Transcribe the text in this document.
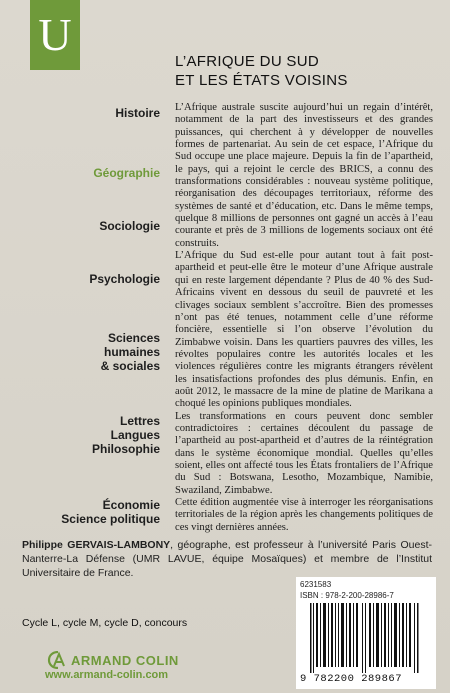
U
L’AFRIQUE DU SUD
ET LES ÉTATS VOISINS
Histoire
Géographie
Sociologie
Psychologie
Sciences
humaines
& sociales
Lettres
Langues
Philosophie
Économie
Science politique

L’Afrique australe suscite aujourd’hui un regain d’intérêt, notamment de la part des investisseurs et des grandes puissances, qui cherchent à y développer de nouvelles formes de partenariat. Au sein de cet espace, l’Afrique du Sud occupe une place majeure. Depuis la fin de l’apartheid, le pays, qui a rejoint le cercle des BRICS, a connu des transformations considérables : nouveau système politique, réorganisation des découpages territoriaux, réforme des systèmes de santé et d’éducation, etc. Dans le même temps, quelque 8 millions de personnes ont gagné un accès à l’eau courante et près de 3 millions de logements sociaux ont été construits.

L’Afrique du Sud est-elle pour autant tout à fait post-apartheid et peut-elle être le moteur d’une Afrique australe qui en reste largement dépendante ? Plus de 40 % des Sud-Africains vivent en dessous du seuil de pauvreté et les clivages sociaux semblent s’accroître. Bien des promesses n’ont pas été tenues, notamment celle d’une réforme foncière, essentielle si l’on observe l’évolution du Zimbabwe voisin. Dans les quartiers pauvres des villes, les révoltes populaires contre les autorités locales et les violences régulières contre les migrants étrangers révèlent les insatisfactions profondes des plus démunis. Enfin, en août 2012, le massacre de la mine de platine de Marikana a choqué les opinions publiques mondiales.

Les transformations en cours peuvent donc sembler contradictoires : certaines découlent du passage de l’apartheid au post-apartheid et d’autres de la réintégration dans le système économique mondial. Quelles qu’elles soient, elles ont affecté tous les États frontaliers de l’Afrique du Sud : Botswana, Lesotho, Mozambique, Namibie, Swaziland, Zimbabwe.

Cette édition augmentée vise à interroger les réorganisations territoriales de la région après les changements politiques de ces vingt dernières années.

Philippe GERVAIS-LAMBONY, géographe, est professeur à l’université Paris Ouest-Nanterre-La Défense (UMR LAVUE, équipe Mosaïques) et membre de l’Institut Universitaire de France.
6231583
ISBN : 978-2-200-28986-7
9 782200 289867
Cycle L, cycle M, cycle D, concours
ARMAND COLIN
www.armand-colin.com
